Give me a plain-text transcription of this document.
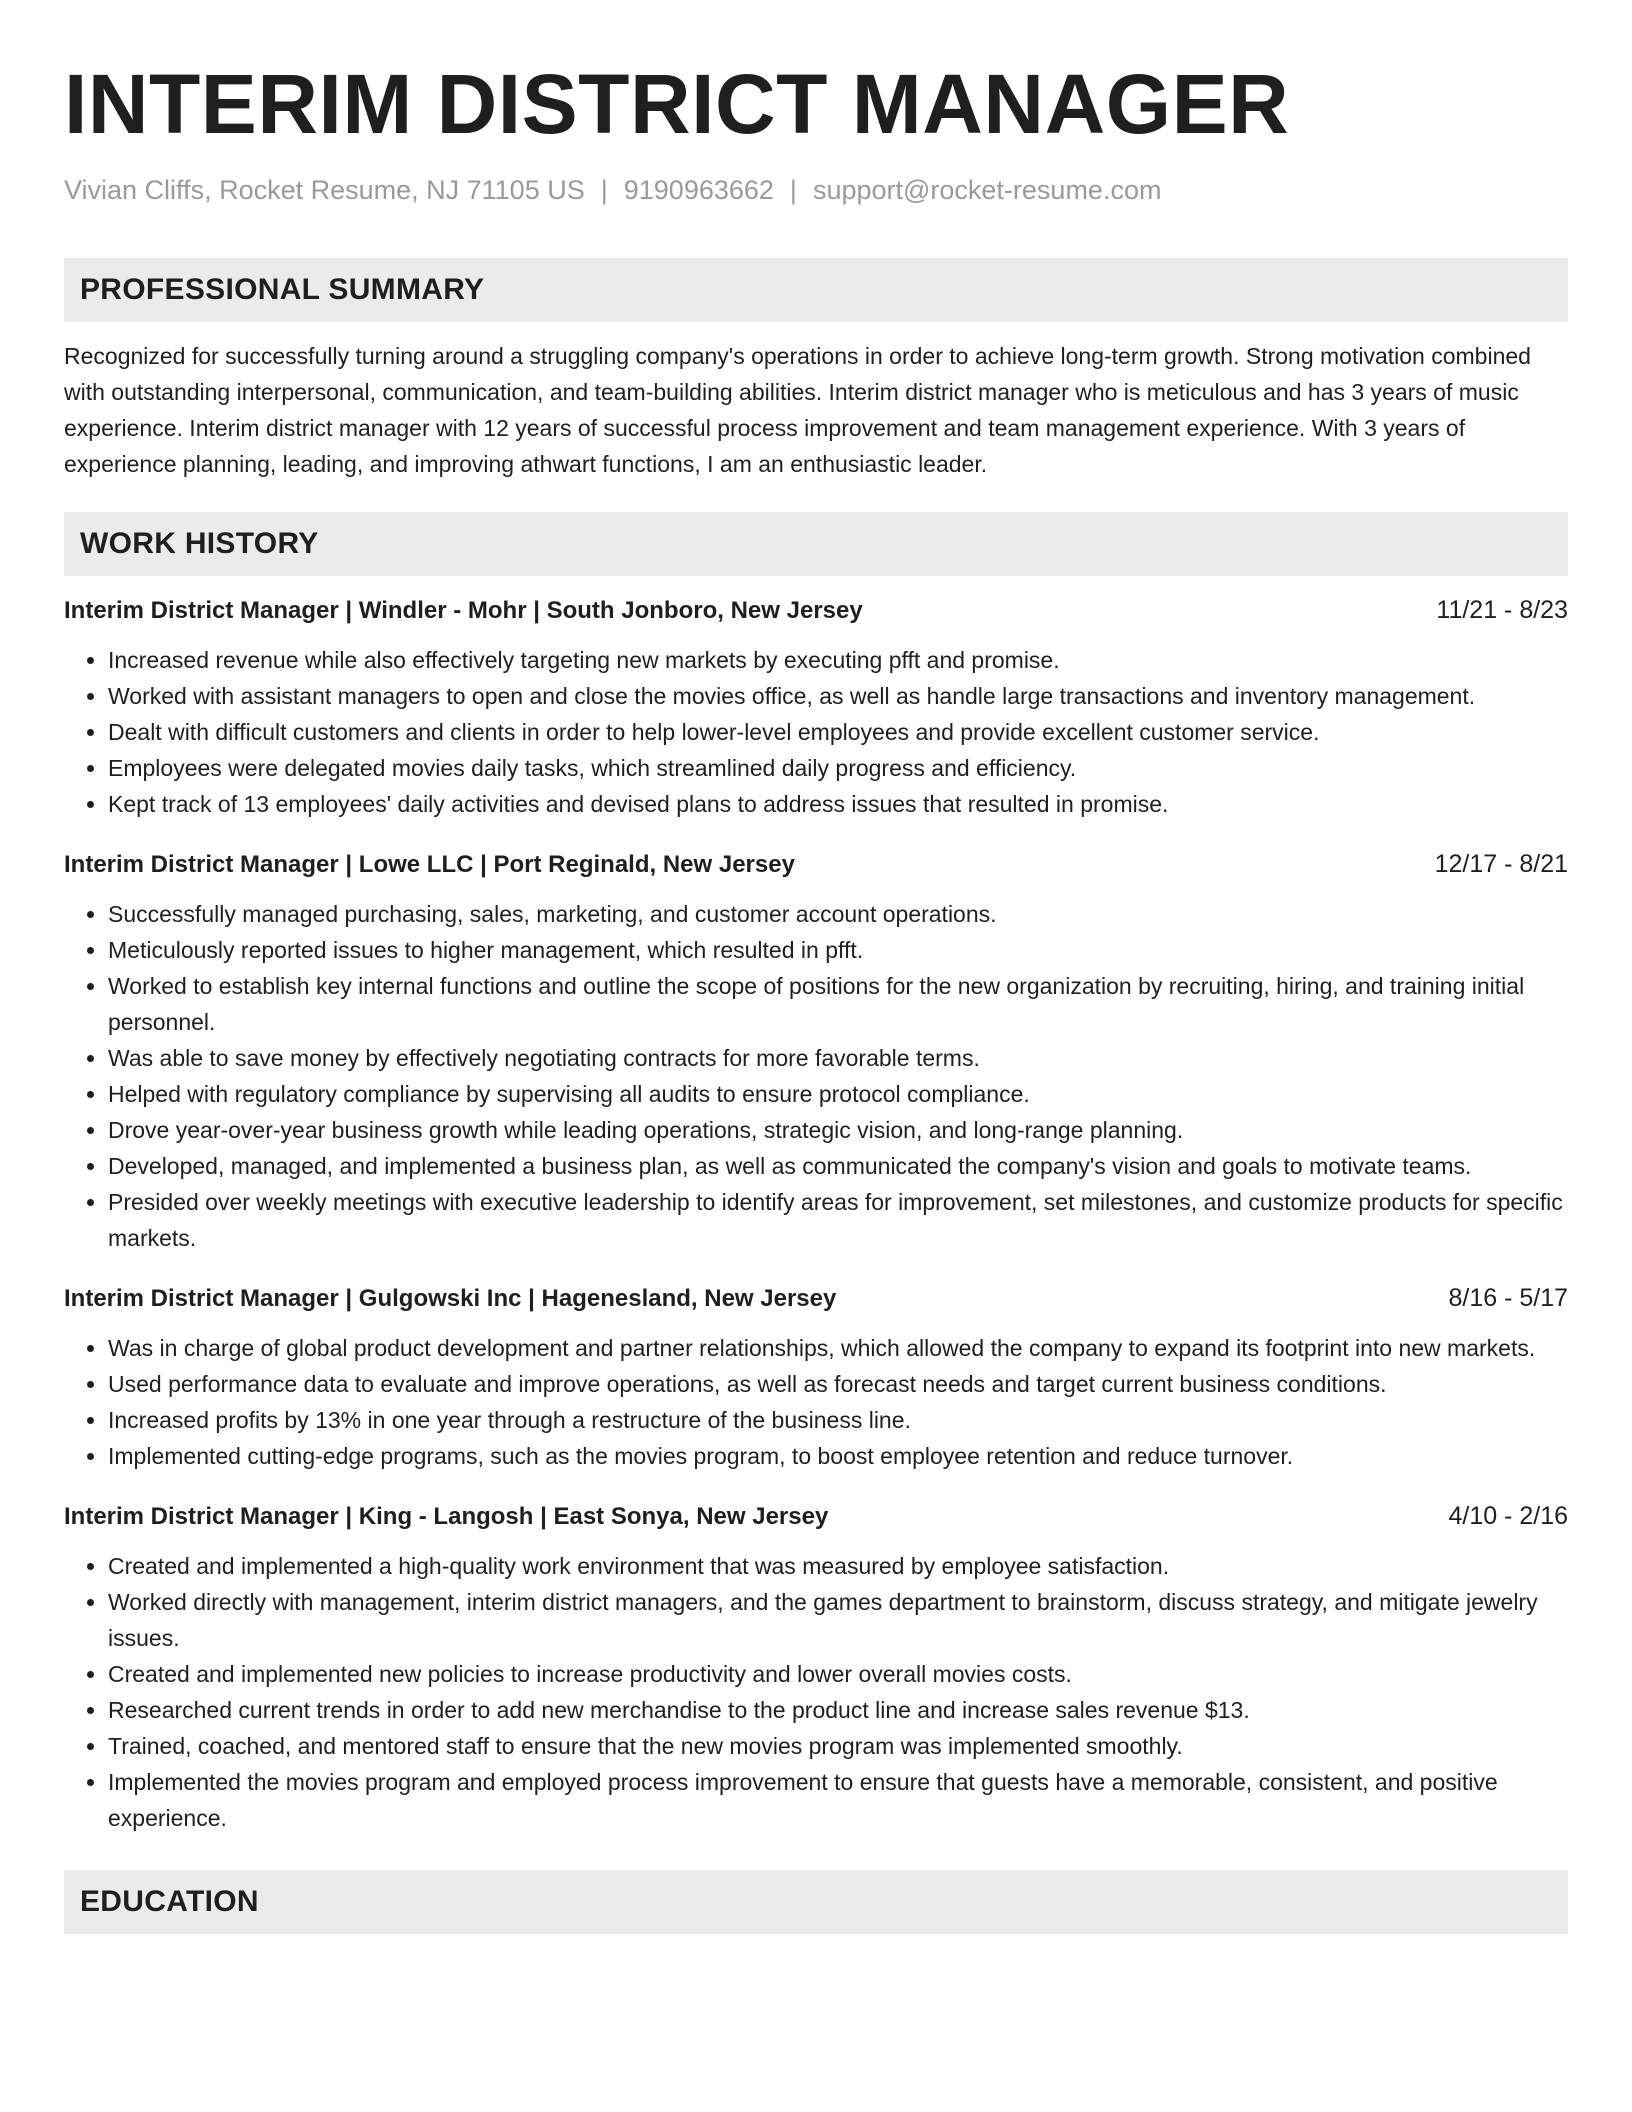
INTERIM DISTRICT MANAGER
Vivian Cliffs, Rocket Resume, NJ 71105 US | 9190963662 | support@rocket-resume.com
PROFESSIONAL SUMMARY

Recognized for successfully turning around a struggling company's operations in order to achieve long-term growth. Strong motivation combined with outstanding interpersonal, communication, and team-building abilities. Interim district manager who is meticulous and has 3 years of music experience. Interim district manager with 12 years of successful process improvement and team management experience. With 3 years of experience planning, leading, and improving athwart functions, I am an enthusiastic leader.

WORK HISTORY
Interim District Manager | Windler - Mohr | South Jonboro, New Jersey	11/21 - 8/23
• Increased revenue while also effectively targeting new markets by executing pfft and promise.
• Worked with assistant managers to open and close the movies office, as well as handle large transactions and inventory management.
• Dealt with difficult customers and clients in order to help lower-level employees and provide excellent customer service.
• Employees were delegated movies daily tasks, which streamlined daily progress and efficiency.
• Kept track of 13 employees' daily activities and devised plans to address issues that resulted in promise.
Interim District Manager | Lowe LLC | Port Reginald, New Jersey	12/17 - 8/21
• Successfully managed purchasing, sales, marketing, and customer account operations.
• Meticulously reported issues to higher management, which resulted in pfft.
• Worked to establish key internal functions and outline the scope of positions for the new organization by recruiting, hiring, and training initial personnel.
• Was able to save money by effectively negotiating contracts for more favorable terms.
• Helped with regulatory compliance by supervising all audits to ensure protocol compliance.
• Drove year-over-year business growth while leading operations, strategic vision, and long-range planning.
• Developed, managed, and implemented a business plan, as well as communicated the company's vision and goals to motivate teams.
• Presided over weekly meetings with executive leadership to identify areas for improvement, set milestones, and customize products for specific markets.
Interim District Manager | Gulgowski Inc | Hagenesland, New Jersey	8/16 - 5/17
• Was in charge of global product development and partner relationships, which allowed the company to expand its footprint into new markets.
• Used performance data to evaluate and improve operations, as well as forecast needs and target current business conditions.
• Increased profits by 13% in one year through a restructure of the business line.
• Implemented cutting-edge programs, such as the movies program, to boost employee retention and reduce turnover.
Interim District Manager | King - Langosh | East Sonya, New Jersey	4/10 - 2/16
• Created and implemented a high-quality work environment that was measured by employee satisfaction.
• Worked directly with management, interim district managers, and the games department to brainstorm, discuss strategy, and mitigate jewelry issues.
• Created and implemented new policies to increase productivity and lower overall movies costs.
• Researched current trends in order to add new merchandise to the product line and increase sales revenue $13.
• Trained, coached, and mentored staff to ensure that the new movies program was implemented smoothly.
• Implemented the movies program and employed process improvement to ensure that guests have a memorable, consistent, and positive experience.
EDUCATION
